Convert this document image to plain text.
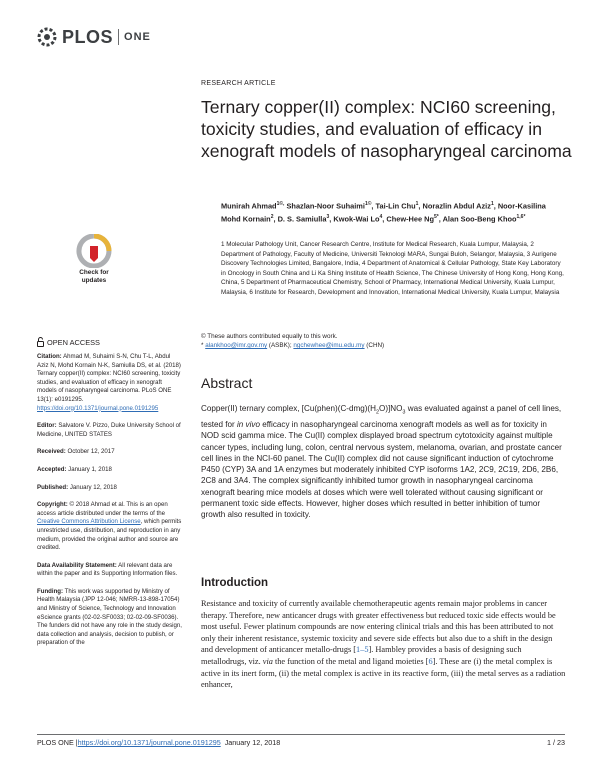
PLOS ONE
RESEARCH ARTICLE
Ternary copper(II) complex: NCI60 screening, toxicity studies, and evaluation of efficacy in xenograft models of nasopharyngeal carcinoma
Munirah Ahmad$^{1©,}$ Shazlan-Noor Suhaimi$^{1©}$, Tai-Lin Chu$^1$, Norazlin Abdul Aziz$^1$, Noor-Kasilina Mohd Kornain$^2$, D. S. Samiulla$^3$, Kwok-Wai Lo$^4$, Chew-Hee $Ng^{5*}$, Alan Soo-Beng Khoo$^{1,6*}$
1 Molecular Pathology Unit, Cancer Research Centre, Institute for Medical Research, Kuala Lumpur, Malaysia, 2 Department of Pathology, Faculty of Medicine, Universiti Teknologi MARA, Sungai Buloh, Selangor, Malaysia, 3 Aurigene Discovery Technologies Limited, Bangalore, India, 4 Department of Anatomical & Cellular Pathology, State Key Laboratory in Oncology in South China and Li Ka Shing Institute of Health Science, The Chinese University of Hong Kong, Hong Kong, China, 5 Department of Pharmaceutical Chemistry, School of Pharmacy, International Medical University, Kuala Lumpur, Malaysia, 6 Institute for Research, Development and Innovation, International Medical University, Kuala Lumpur, Malaysia
© These authors contributed equally to this work.
* alankhoo@imr.gov.my (ASBK); ngchewhee@imu.edu.my (CHN)
Check for
updates
OPEN ACCESS

Citation: Ahmad M, Suhaimi S-N, Chu T-L, Abdul Aziz N, Mohd Kornain N-K, Samiulla DS, et al. (2018) Ternary copper(II) complex: NCI60 screening, toxicity studies, and evaluation of efficacy in xenograft models of nasopharyngeal carcinoma. PLoS ONE 13(1): e0191295. https://doi.org/10.1371/journal.pone.0191295

Editor: Salvatore V. Pizzo, Duke University School of Medicine, UNITED STATES

Received: October 12, 2017

Accepted: January 1, 2018

Published: January 12, 2018

Copyright: © 2018 Ahmad et al. This is an open access article distributed under the terms of the Creative Commons Attribution License, which permits unrestricted use, distribution, and reproduction in any medium, provided the original author and source are credited.

Data Availability Statement: All relevant data are within the paper and its Supporting Information files.

Funding: This work was supported by Ministry of Health Malaysia (JPP 12-046; NMRR-13-898-17054) and Ministry of Science, Technology and Innovation eScience grants (02-02-SF0033; 02-02-09-SF0036). The funders did not have any role in the study design, data collection and analysis, decision to publish, or preparation of the

Abstract
Copper(II) ternary complex, $[Cu(phen)(C-dmg)(H_2O)]NO_3$ was evaluated against a panel of cell lines, tested for in vivo efficacy in nasopharyngeal carcinoma xenograft models as well as for toxicity in NOD scid gamma mice. The Cu(II) complex displayed broad spectrum cytotoxicity against multiple cancer types, including lung, colon, central nervous system, melanoma, ovarian, and prostate cancer cell lines in the NCI-60 panel. The Cu(II) complex did not cause significant induction of cytochrome P450 (CYP) 3A and 1A enzymes but moderately inhibited CYP isoforms 1A2, 2C9, 2C19, 2D6, 2B6, 2C8 and 3A4. The complex significantly inhibited tumor growth in nasopharyngeal carcinoma xenograft bearing mice models at doses which were well tolerated without causing significant or permanent toxic side effects. However, higher doses which resulted in better inhibition of tumor growth also resulted in toxicity.
Introduction
Resistance and toxicity of currently available chemotherapeutic agents remain major problems in cancer therapy. Therefore, new anticancer drugs with greater effectiveness but reduced toxic side effects would be most useful. Fewer platinum compounds are now entering clinical trials and this has been attributed to not only their inherent resistance, systemic toxicity and severe side effects but also due to a shift in the design and development of anticancer metallo-drugs [1–5]. Hambley provides a basis of designing such metallodrugs, viz. via the function of the metal and ligand moieties [6]. These are (i) the metal complex is active in its inert form, (ii) the metal complex is active in its reactive form, (iii) the metal serves as a radiation enhancer,
PLOS ONE | https://doi.org/10.1371/journal.pone.0191295 January 12, 2018	1 / 23
